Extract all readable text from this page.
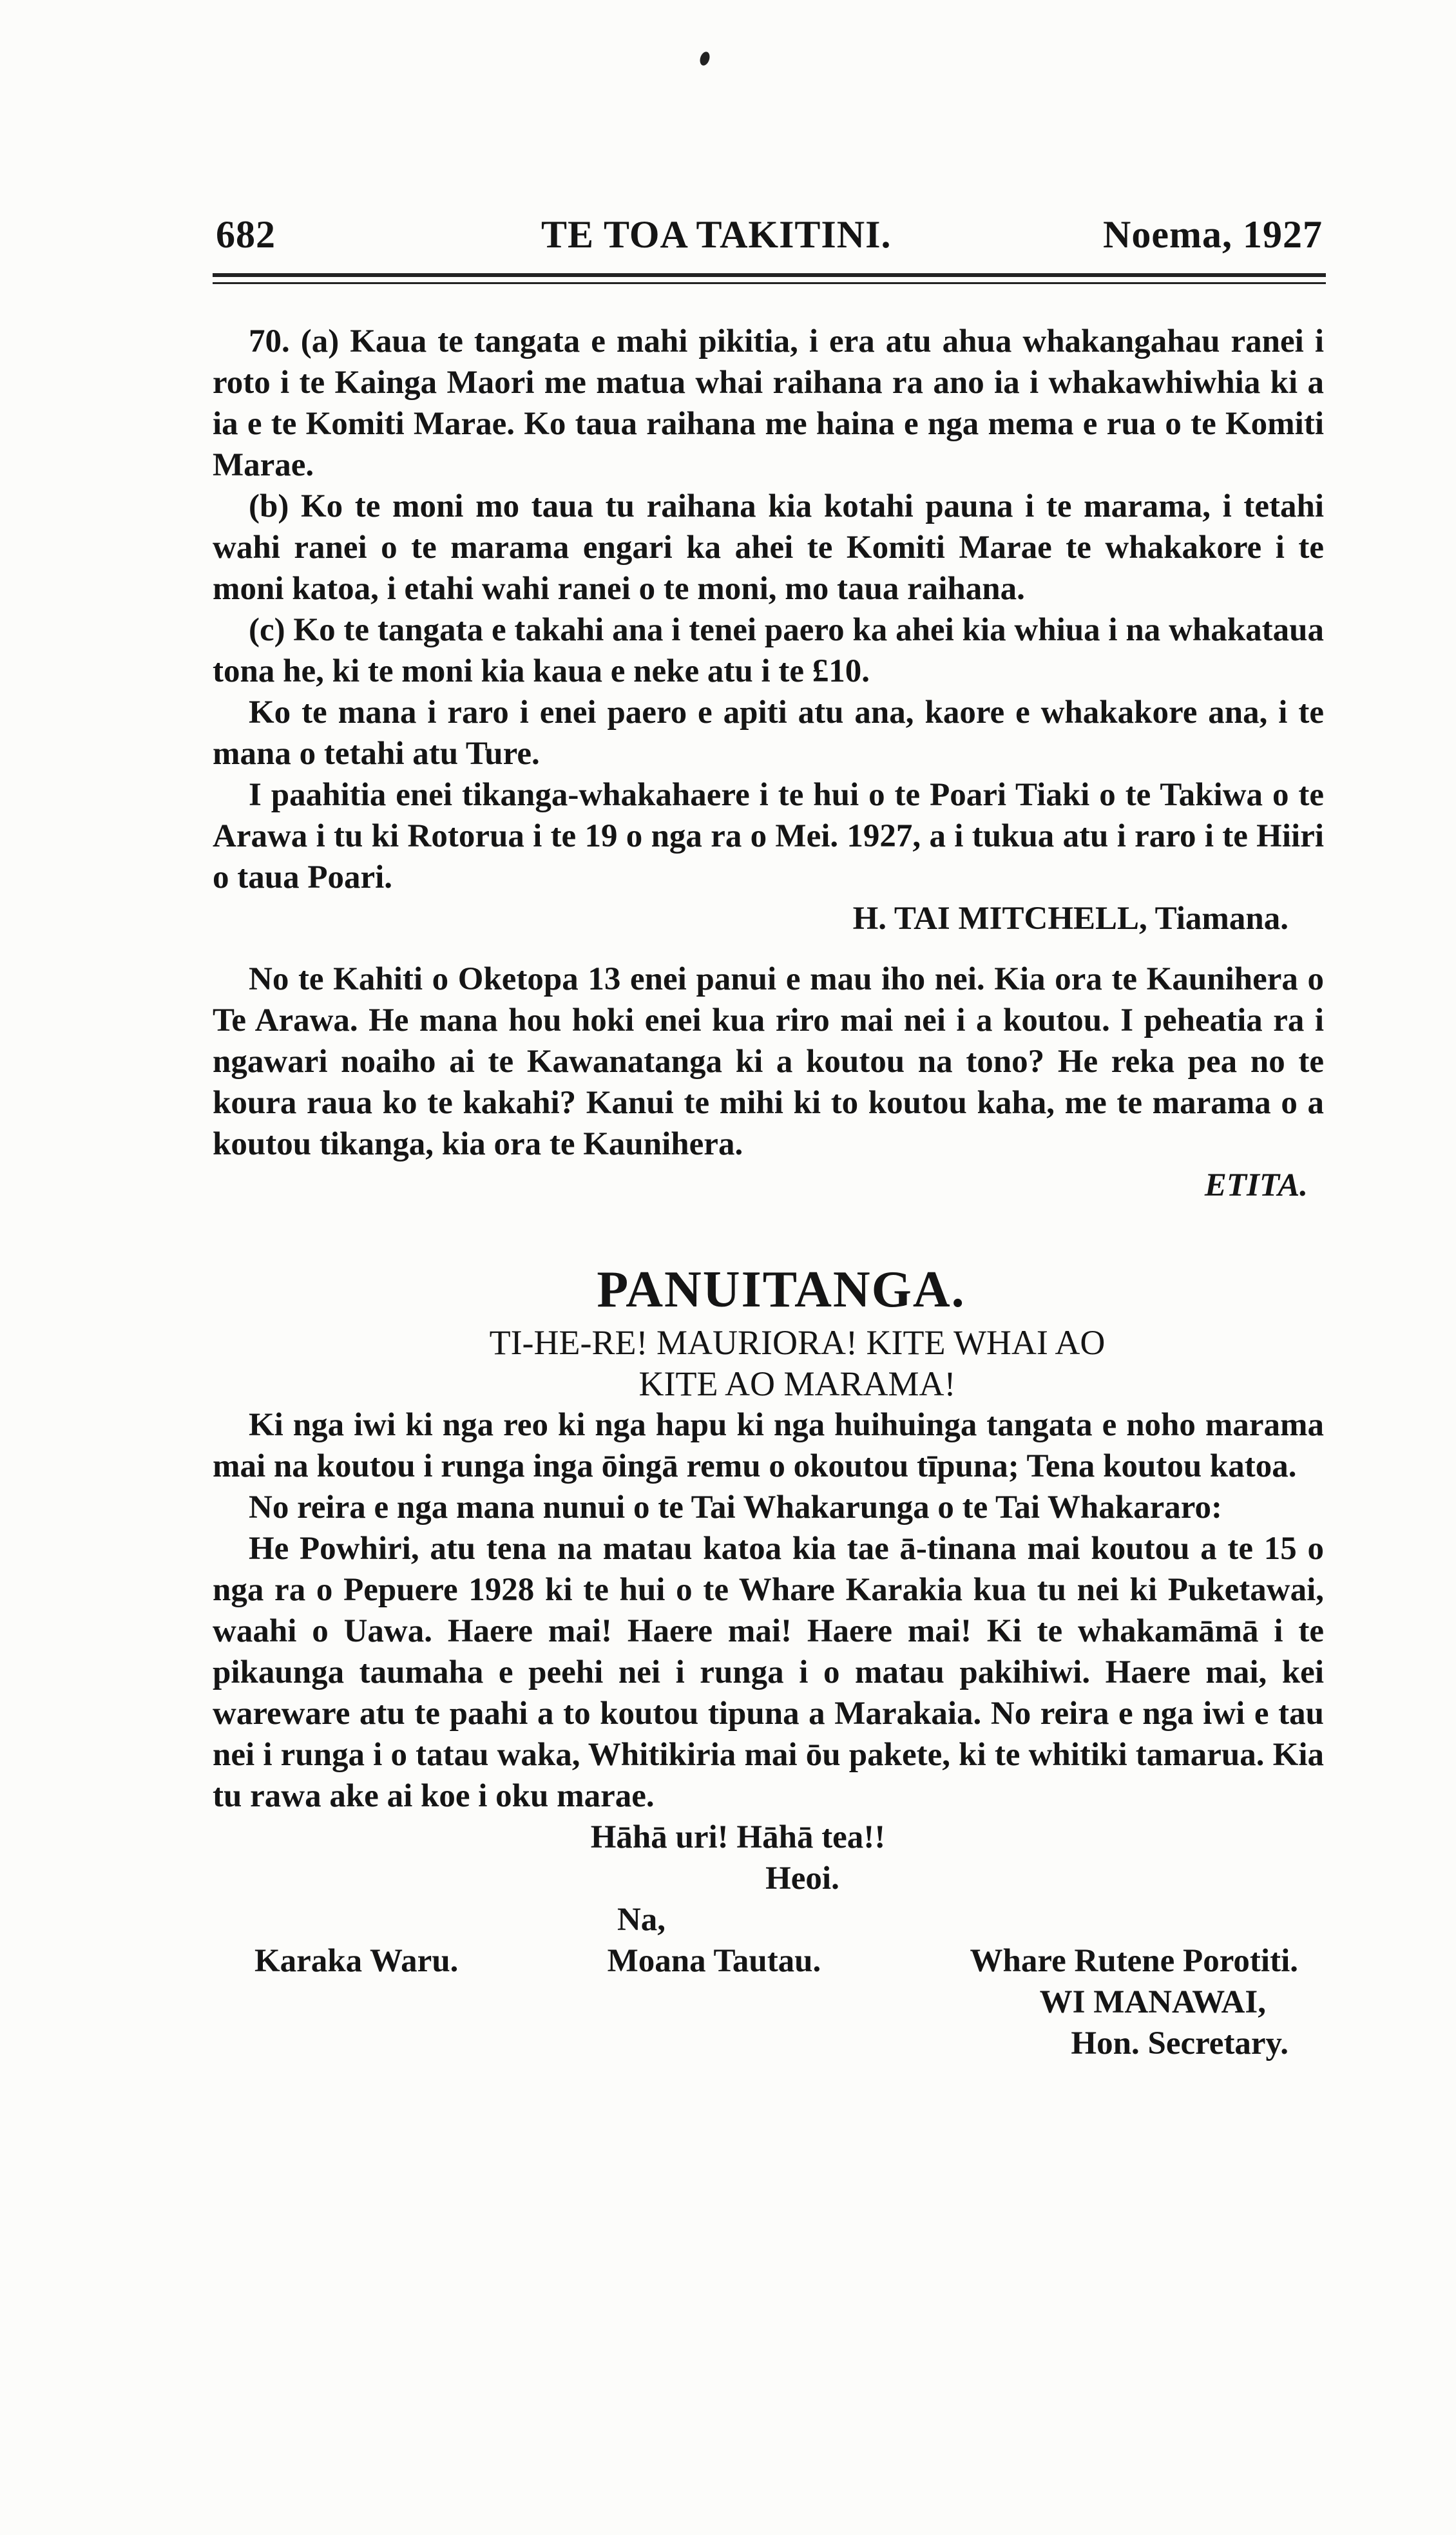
682	TE TOA TAKITINI.	Noema, 1927

70. (a) Kaua te tangata e mahi pikitia, i era atu ahua whakangahau ranei i roto i te Kainga Maori me matua whai raihana ra ano ia i whakawhiwhia ki a ia e te Komiti Marae. Ko taua raihana me haina e nga mema e rua o te Komiti Marae.

(b) Ko te moni mo taua tu raihana kia kotahi pauna i te marama, i tetahi wahi ranei o te marama engari ka ahei te Komiti Marae te whakakore i te moni katoa, i etahi wahi ranei o te moni, mo taua raihana.

(c) Ko te tangata e takahi ana i tenei paero ka ahei kia whiua i na whakataua tona he, ki te moni kia kaua e neke atu i te £10.

Ko te mana i raro i enei paero e apiti atu ana, kaore e whakakore ana, i te mana o tetahi atu Ture.

I paahitia enei tikanga-whakahaere i te hui o te Poari Tiaki o te Takiwa o te Arawa i tu ki Rotorua i te 19 o nga ra o Mei. 1927, a i tukua atu i raro i te Hiiri o taua Poari.

H. TAI MITCHELL, Tiamana.

No te Kahiti o Oketopa 13 enei panui e mau iho nei. Kia ora te Kaunihera o Te Arawa. He mana hou hoki enei kua riro mai nei i a koutou. I peheatia ra i ngawari noaiho ai te Kawanatanga ki a koutou na tono? He reka pea no te koura raua ko te kakahi? Kanui te mihi ki to koutou kaha, me te marama o a koutou tikanga, kia ora te Kaunihera.

ETITA.

PANUITANGA.
TI-HE-RE! MAURIORA! KITE WHAI AO
KITE AO MARAMA!

Ki nga iwi ki nga reo ki nga hapu ki nga huihuinga tangata e noho marama mai na koutou i runga inga ōingā remu o okoutou tīpuna; Tena koutou katoa.

No reira e nga mana nunui o te Tai Whakarunga o te Tai Whakararo:

He Powhiri, atu tena na matau katoa kia tae ā-tinana mai koutou a te 15 o nga ra o Pepuere 1928 ki te hui o te Whare Karakia kua tu nei ki Puketawai, waahi o Uawa. Haere mai! Haere mai! Haere mai! Ki te whakamāmā i te pikaunga taumaha e peehi nei i runga i o matau pakihiwi. Haere mai, kei wareware atu te paahi a to koutou tipuna a Marakaia. No reira e nga iwi e tau nei i runga i o tatau waka, Whitikiria mai ōu pakete, ki te whitiki tamarua. Kia tu rawa ake ai koe i oku marae.

Hāhā uri! Hāhā tea!!

Heoi.

Na,

Karaka Waru.	Moana Tautau.	Whare Rutene Porotiti.

WI MANAWAI,

Hon. Secretary.
